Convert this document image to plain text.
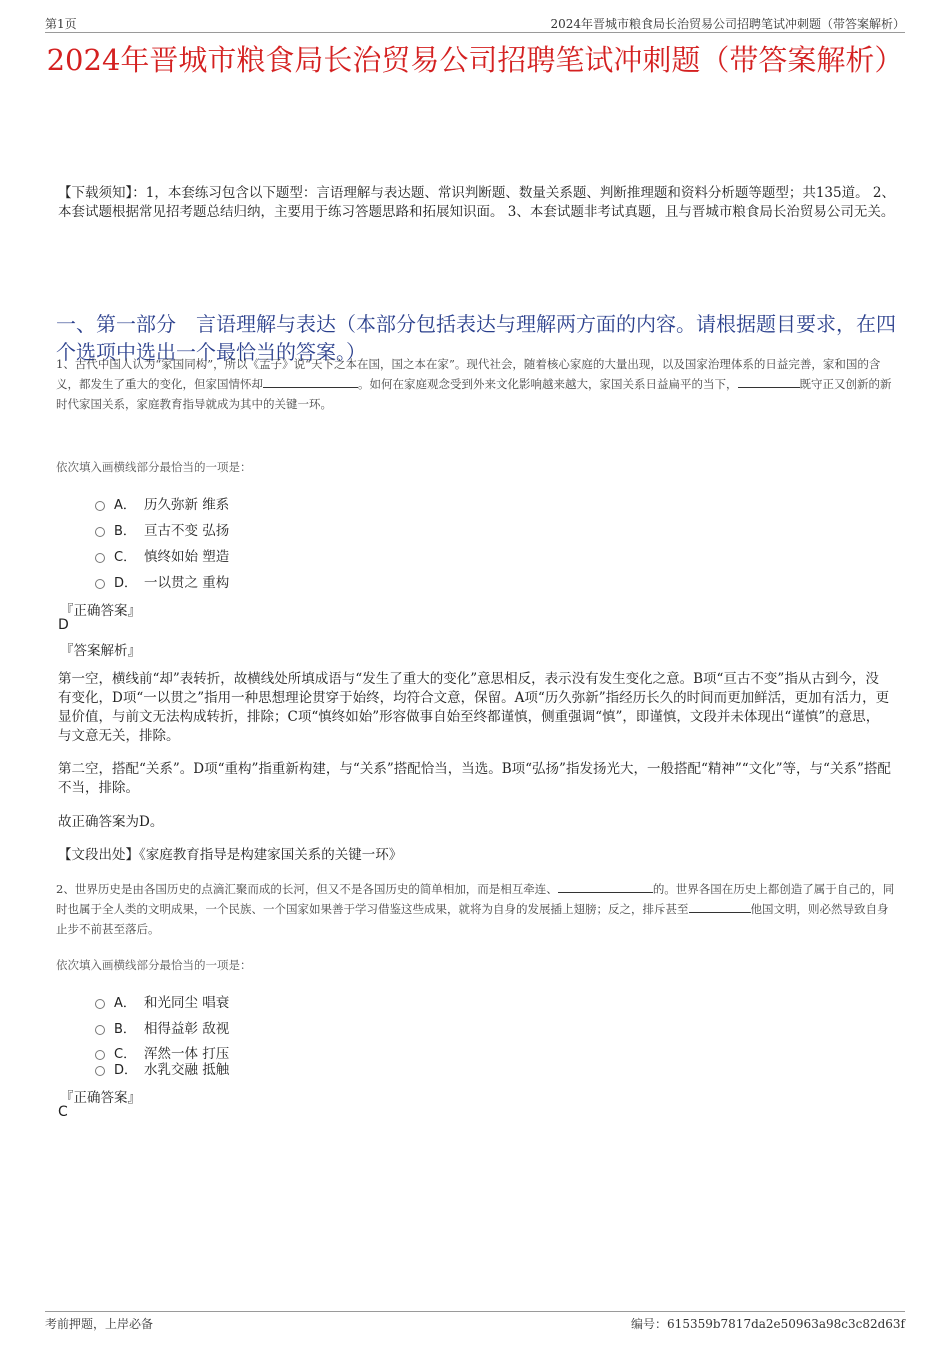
第1页	2024年晋城市粮食局长治贸易公司招聘笔试冲刺题（带答案解析）
2024年晋城市粮食局长治贸易公司招聘笔试冲刺题（带答案解析）
【下载须知】：1，本套练习包含以下题型：言语理解与表达题、常识判断题、数量关系题、判断推理题和资料分析题等题型；共135道。 2、本套试题根据常见招考题总结归纳，主要用于练习答题思路和拓展知识面。 3、本套试题非考试真题，且与晋城市粮食局长治贸易公司无关。
一、第一部分　言语理解与表达（本部分包括表达与理解两方面的内容。请根据题目要求，在四个选项中选出一个最恰当的答案。）
1、古代中国人认为“家国同构”，所以《孟子》说“天下之本在国，国之本在家”。现代社会，随着核心家庭的大量出现，以及国家治理体系的日益完善，家和国的含义，都发生了重大的变化，但家国情怀却	。如何在家庭观念受到外来文化影响越来越大，家国关系日益扁平的当下，	既守正又创新的新时代家国关系，家庭教育指导就成为其中的关键一环。
依次填入画横线部分最恰当的一项是：
A． 历久弥新 维系
B． 亘古不变 弘扬
C． 慎终如始 塑造
D． 一以贯之 重构
『正确答案』
D
『答案解析』
第一空，横线前“却”表转折，故横线处所填成语与“发生了重大的变化”意思相反，表示没有发生变化之意。B项“亘古不变”指从古到今，没有变化，D项“一以贯之”指用一种思想理论贯穿于始终，均符合文意，保留。A项“历久弥新”指经历长久的时间而更加鲜活，更加有活力，更显价值，与前文无法构成转折，排除；C项“慎终如始”形容做事自始至终都谨慎，侧重强调“慎”，即谨慎，文段并未体现出“谨慎”的意思，与文意无关，排除。
第二空，搭配“关系”。D项“重构”指重新构建，与“关系”搭配恰当，当选。B项“弘扬”指发扬光大，一般搭配“精神”“文化”等，与“关系”搭配不当，排除。
故正确答案为D。
【文段出处】《家庭教育指导是构建家国关系的关键一环》
2、世界历史是由各国历史的点滴汇聚而成的长河，但又不是各国历史的简单相加，而是相互牵连、	的。世界各国在历史上都创造了属于自己的，同时也属于全人类的文明成果，一个民族、一个国家如果善于学习借鉴这些成果，就将为自身的发展插上翅膀；反之，排斥甚至	他国文明，则必然导致自身止步不前甚至落后。
依次填入画横线部分最恰当的一项是：
A． 和光同尘 唱衰
B． 相得益彰 敌视
C． 浑然一体 打压
D． 水乳交融 抵触
『正确答案』
C
考前押题，上岸必备	编号：615359b7817da2e50963a98c3c82d63f
